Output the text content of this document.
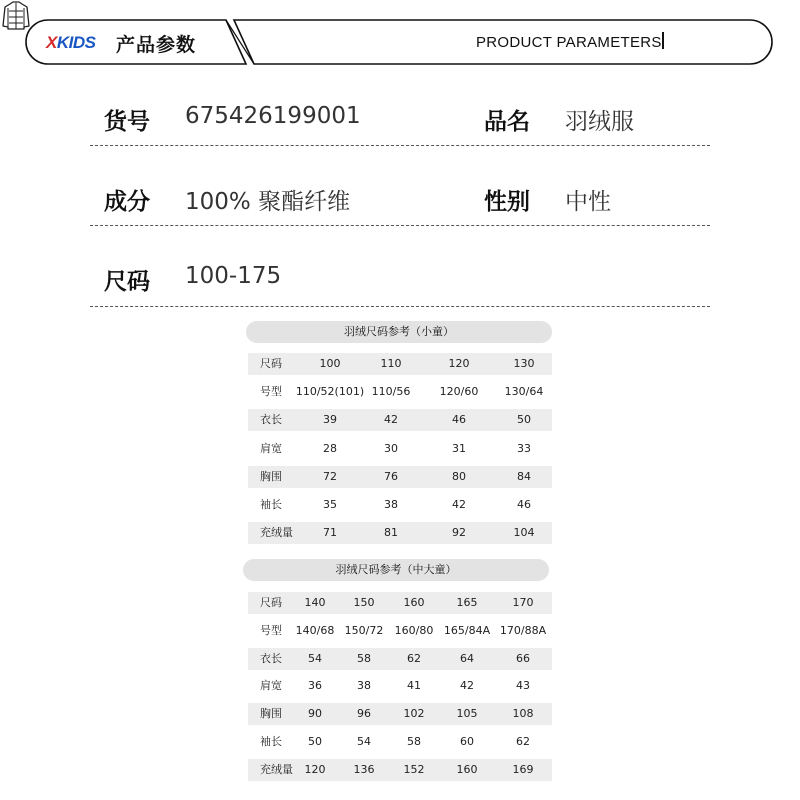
XKIDS 产品参数	PRODUCT PARAMETERS
货号 675426199001	品名 羽绒服
成分 100% 聚酯纤维	性别 中性
尺码 100-175
羽绒尺码参考（小童）
尺码	100	110	120	130
号型 110/52(101) 110/56	120/60 130/64
衣长	39	42	46	50
肩宽	28	30	31	33
胸围	72	76	80	84
袖长	35	38	42	46
充绒量	71	81	92	104
羽绒尺码参考（中大童）
尺码 140	150	160	165	170
号型 140/68 150/72 160/80 165/84A 170/88A
衣长 54	58	62	64	66
肩宽 36	38	41	42	43
胸围 90	96	102	105	108
袖长 50	54	58	60	62
充绒量 120	136	152	160	169
